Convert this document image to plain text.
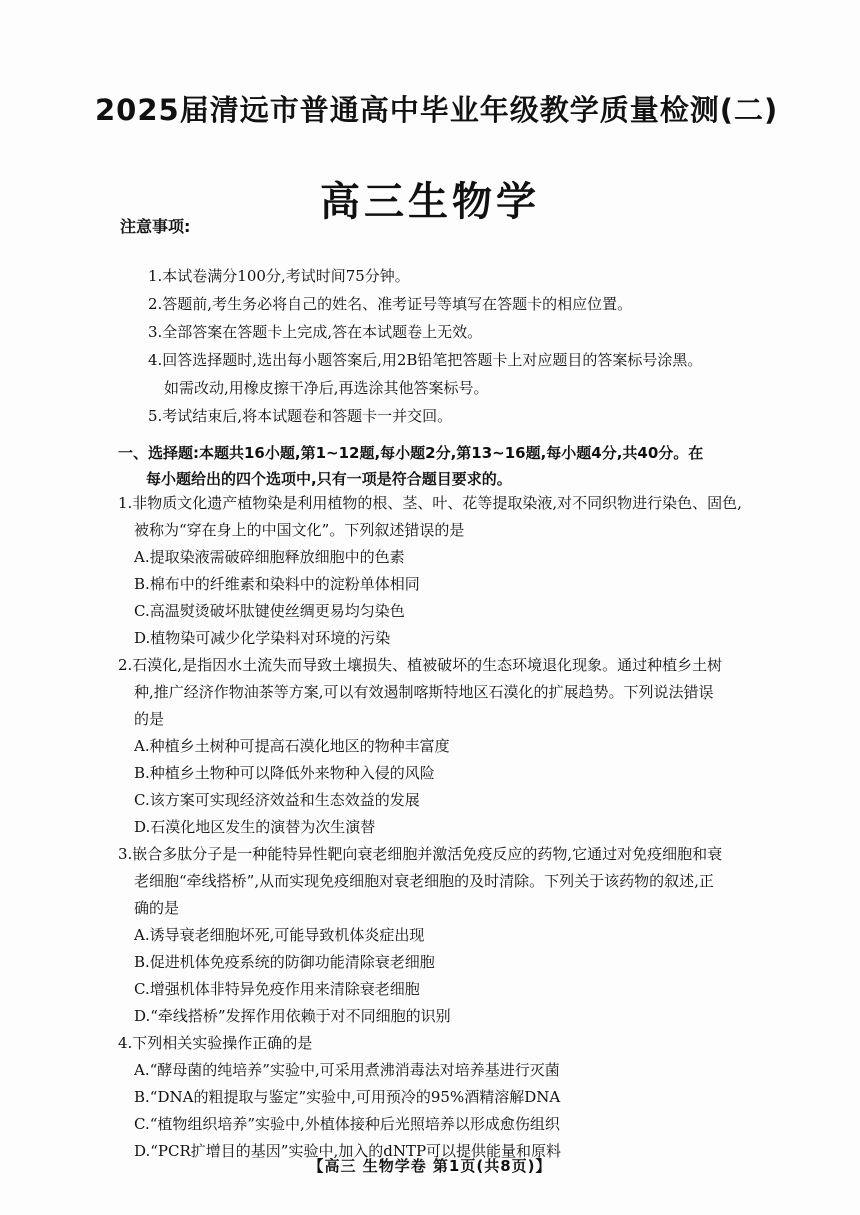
2025届清远市普通高中毕业年级教学质量检测(二)
高三生物学
注意事项:
1.本试卷满分100分,考试时间75分钟。
2.答题前,考生务必将自己的姓名、准考证号等填写在答题卡的相应位置。
3.全部答案在答题卡上完成,答在本试题卷上无效。
4.回答选择题时,选出每小题答案后,用2B铅笔把答题卡上对应题目的答案标号涂黑。
如需改动,用橡皮擦干净后,再选涂其他答案标号。
5.考试结束后,将本试题卷和答题卡一并交回。
一、选择题:本题共16小题,第1~12题,每小题2分,第13~16题,每小题4分,共40分。在
每小题给出的四个选项中,只有一项是符合题目要求的。
1.非物质文化遗产植物染是利用植物的根、茎、叶、花等提取染液,对不同织物进行染色、固色,
被称为“穿在身上的中国文化”。下列叙述错误 · ·的是
A.提取染液需破碎细胞释放细胞中的色素
B.棉布中的纤维素和染料中的淀粉单体相同
C.高温熨烫破坏肽键使丝绸更易均匀染色
D.植物染可减少化学染料对环境的污染
2.石漠化,是指因水土流失而导致土壤损失、植被破坏的生态环境退化现象。通过种植乡土树
种,推广经济作物油茶等方案,可以有效遏制喀斯特地区石漠化的扩展趋势。下列说法错误 · ·
的是
A.种植乡土树种可提高石漠化地区的物种丰富度
B.种植乡土物种可以降低外来物种入侵的风险
C.该方案可实现经济效益和生态效益的发展
D.石漠化地区发生的演替为次生演替
3.嵌合多肽分子是一种能特异性靶向衰老细胞并激活免疫反应的药物,它通过对免疫细胞和衰
老细胞“牵线搭桥”,从而实现免疫细胞对衰老细胞的及时清除。下列关于该药物的叙述,正
确的是
A.诱导衰老细胞坏死,可能导致机体炎症出现
B.促进机体免疫系统的防御功能清除衰老细胞
C.增强机体非特异免疫作用来清除衰老细胞
D.“牵线搭桥”发挥作用依赖于对不同细胞的识别
4.下列相关实验操作正确的是
A.“酵母菌的纯培养”实验中,可采用煮沸消毒法对培养基进行灭菌
B.“DNA的粗提取与鉴定”实验中,可用预冷的95%酒精溶解DNA
C.“植物组织培养”实验中,外植体接种后光照培养以形成愈伤组织
D.“PCR扩增目的基因”实验中,加入的dNTP可以提供能量和原料
【高三 生物学卷 第1页(共8页)】
